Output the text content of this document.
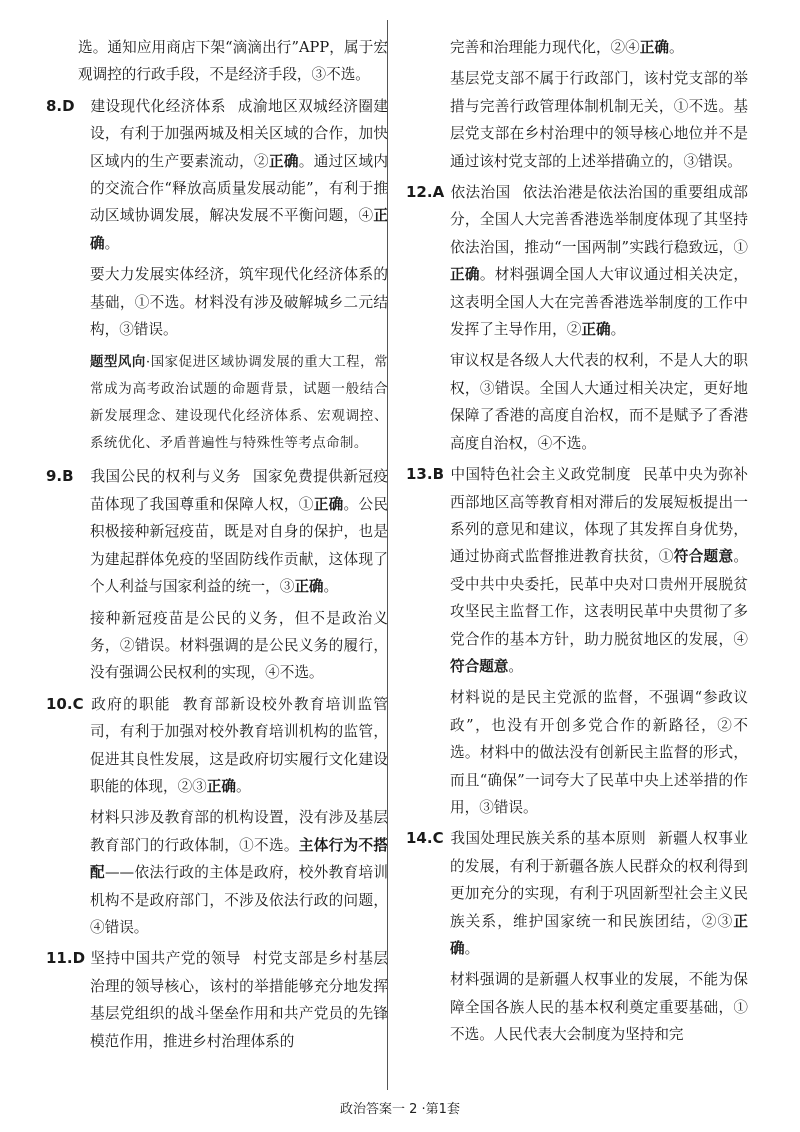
选。通知应用商店下架“滴滴出行”APP，属于宏观调控的行政手段，不是经济手段，③不选。

8.D 建设现代化经济体系 成渝地区双城经济圈建设，有利于加强两城及相关区域的合作，加快区域内的生产要素流动，②正确。通过区域内的交流合作“释放高质量发展动能”，有利于推动区域协调发展，解决发展不平衡问题，④正确。

要大力发展实体经济，筑牢现代化经济体系的基础，①不选。材料没有涉及破解城乡二元结构，③错误。

题型风向·国家促进区域协调发展的重大工程，常常成为高考政治试题的命题背景，试题一般结合新发展理念、建设现代化经济体系、宏观调控、系统优化、矛盾普遍性与特殊性等考点命制。

9.B 我国公民的权利与义务 国家免费提供新冠疫苗体现了我国尊重和保障人权，①正确。公民积极接种新冠疫苗，既是对自身的保护，也是为建起群体免疫的坚固防线作贡献，这体现了个人利益与国家利益的统一，③正确。

接种新冠疫苗是公民的义务，但不是政治义务，②错误。材料强调的是公民义务的履行，没有强调公民权利的实现，④不选。

10.C 政府的职能 教育部新设校外教育培训监管司，有利于加强对校外教育培训机构的监管，促进其良性发展，这是政府切实履行文化建设职能的体现，②③正确。

材料只涉及教育部的机构设置，没有涉及基层教育部门的行政体制，①不选。主体行为不搭配——依法行政的主体是政府，校外教育培训机构不是政府部门，不涉及依法行政的问题，④错误。

11.D 坚持中国共产党的领导 村党支部是乡村基层治理的领导核心，该村的举措能够充分地发挥基层党组织的战斗堡垒作用和共产党员的先锋模范作用，推进乡村治理体系的

完善和治理能力现代化，②④正确。

基层党支部不属于行政部门，该村党支部的举措与完善行政管理体制机制无关，①不选。基层党支部在乡村治理中的领导核心地位并不是通过该村党支部的上述举措确立的，③错误。

12.A 依法治国 依法治港是依法治国的重要组成部分，全国人大完善香港选举制度体现了其坚持依法治国，推动“一国两制”实践行稳致远，①正确。材料强调全国人大审议通过相关决定，这表明全国人大在完善香港选举制度的工作中发挥了主导作用，②正确。

审议权是各级人大代表的权利，不是人大的职权，③错误。全国人大通过相关决定，更好地保障了香港的高度自治权，而不是赋予了香港高度自治权，④不选。

13.B 中国特色社会主义政党制度 民革中央为弥补西部地区高等教育相对滞后的发展短板提出一系列的意见和建议，体现了其发挥自身优势，通过协商式监督推进教育扶贫，①符合题意。受中共中央委托，民革中央对口贵州开展脱贫攻坚民主监督工作，这表明民革中央贯彻了多党合作的基本方针，助力脱贫地区的发展，④符合题意。

材料说的是民主党派的监督，不强调“参政议政”，也没有开创多党合作的新路径，②不选。材料中的做法没有创新民主监督的形式，而且“确保”一词夸大了民革中央上述举措的作用，③错误。

14.C 我国处理民族关系的基本原则 新疆人权事业的发展，有利于新疆各族人民群众的权利得到更加充分的实现，有利于巩固新型社会主义民族关系，维护国家统一和民族团结，②③正确。

材料强调的是新疆人权事业的发展，不能为保障全国各族人民的基本权利奠定重要基础，①不选。人民代表大会制度为坚持和完

政治答案一 2 ·第1套
